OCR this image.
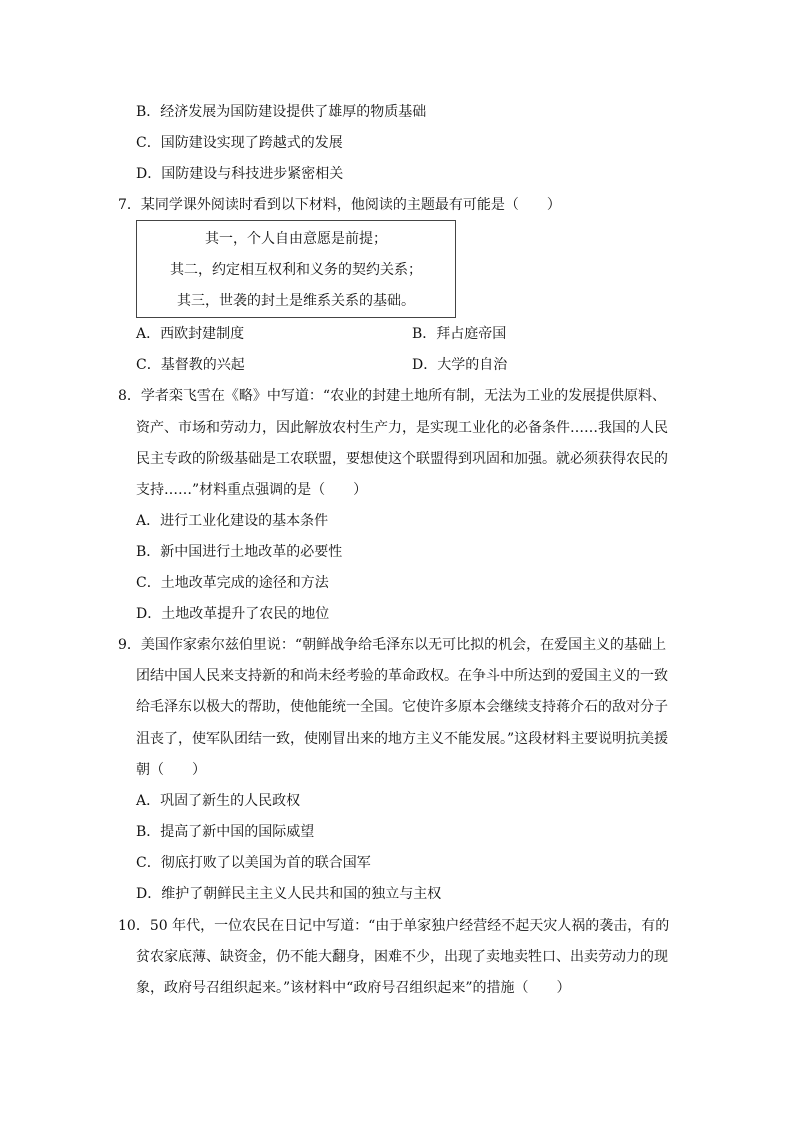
B．经济发展为国防建设提供了雄厚的物质基础
C．国防建设实现了跨越式的发展
D．国防建设与科技进步紧密相关
7．某同学课外阅读时看到以下材料，他阅读的主题最有可能是（　　）
其一，个人自由意愿是前提；
其二，约定相互权利和义务的契约关系；
其三，世袭的封土是维系关系的基础。
A．西欧封建制度	B．拜占庭帝国
C．基督教的兴起	D．大学的自治
8．学者栾飞雪在《略》中写道：“农业的封建土地所有制，无法为工业的发展提供原料、
资产、市场和劳动力，因此解放农村生产力，是实现工业化的必备条件……我国的人民
民主专政的阶级基础是工农联盟，要想使这个联盟得到巩固和加强。就必须获得农民的
支持……”材料重点强调的是（　　）
A．进行工业化建设的基本条件
B．新中国进行土地改革的必要性
C．土地改革完成的途径和方法
D．土地改革提升了农民的地位
9．美国作家索尔兹伯里说：“朝鲜战争给毛泽东以无可比拟的机会，在爱国主义的基础上
团结中国人民来支持新的和尚未经考验的革命政权。在争斗中所达到的爱国主义的一致
给毛泽东以极大的帮助，使他能统一全国。它使许多原本会继续支持蒋介石的敌对分子
沮丧了，使军队团结一致，使刚冒出来的地方主义不能发展。”这段材料主要说明抗美援
朝（　　）
A．巩固了新生的人民政权
B．提高了新中国的国际威望
C．彻底打败了以美国为首的联合国军
D．维护了朝鲜民主主义人民共和国的独立与主权
10．50 年代，一位农民在日记中写道：“由于单家独户经营经不起天灾人祸的袭击，有的
贫农家底薄、缺资金，仍不能大翻身，困难不少，出现了卖地卖牲口、出卖劳动力的现
象，政府号召组织起来。”该材料中“政府号召组织起来”的措施（　　）
